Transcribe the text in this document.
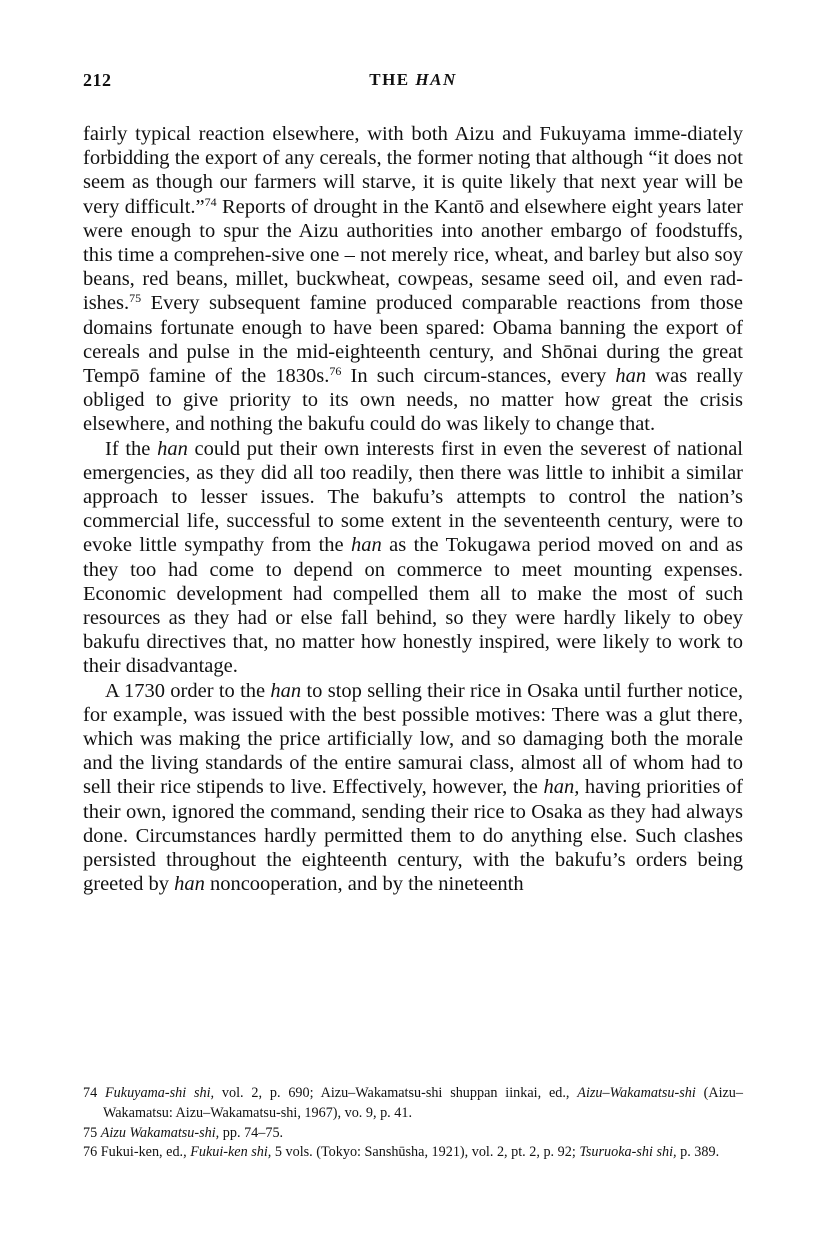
212	THE HAN

fairly typical reaction elsewhere, with both Aizu and Fukuyama imme-diately forbidding the export of any cereals, the former noting that although “it does not seem as though our farmers will starve, it is quite likely that next year will be very difficult.”$^{74}$ Reports of drought in the Kantō and elsewhere eight years later were enough to spur the Aizu authorities into another embargo of foodstuffs, this time a comprehen-sive one – not merely rice, wheat, and barley but also soy beans, red beans, millet, buckwheat, cowpeas, sesame seed oil, and even rad-ishes.$^{75}$ Every subsequent famine produced comparable reactions from those domains fortunate enough to have been spared: Obama banning the export of cereals and pulse in the mid-eighteenth century, and Shōnai during the great Tempō famine of the 1830s.$^{76}$ In such circum-stances, every han was really obliged to give priority to its own needs, no matter how great the crisis elsewhere, and nothing the bakufu could do was likely to change that.

If the han could put their own interests first in even the severest of national emergencies, as they did all too readily, then there was little to inhibit a similar approach to lesser issues. The bakufu’s attempts to control the nation’s commercial life, successful to some extent in the seventeenth century, were to evoke little sympathy from the han as the Tokugawa period moved on and as they too had come to depend on commerce to meet mounting expenses. Economic development had compelled them all to make the most of such resources as they had or else fall behind, so they were hardly likely to obey bakufu directives that, no matter how honestly inspired, were likely to work to their disadvantage.

A 1730 order to the han to stop selling their rice in Osaka until further notice, for example, was issued with the best possible motives: There was a glut there, which was making the price artificially low, and so damaging both the morale and the living standards of the entire samurai class, almost all of whom had to sell their rice stipends to live. Effectively, however, the han, having priorities of their own, ignored the command, sending their rice to Osaka as they had always done. Circumstances hardly permitted them to do anything else. Such clashes persisted throughout the eighteenth century, with the bakufu’s orders being greeted by han noncooperation, and by the nineteenth

74 Fukuyama-shi shi, vol. 2, p. 690; Aizu–Wakamatsu-shi shuppan iinkai, ed., Aizu–Wakamatsu-shi (Aizu–Wakamatsu: Aizu–Wakamatsu-shi, 1967), vo. 9, p. 41.

75 Aizu Wakamatsu-shi, pp. 74–75.

76 Fukui-ken, ed., Fukui-ken shi, 5 vols. (Tokyo: Sanshūsha, 1921), vol. 2, pt. 2, p. 92; Tsuruoka-shi shi, p. 389.
